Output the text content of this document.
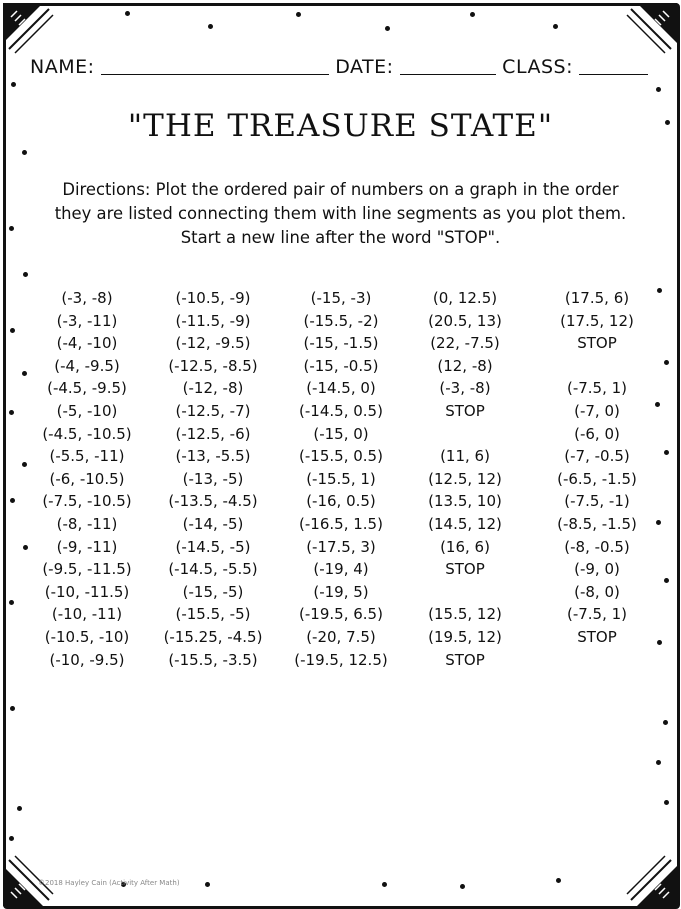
NAME:	DATE:	CLASS:
"THE TREASURE STATE"
Directions: Plot the ordered pair of numbers on a graph in the order
they are listed connecting them with line segments as you plot them.
Start a new line after the word "STOP".
(-3, -8)
(-3, -11)
(-4, -10)
(-4, -9.5)
(-4.5, -9.5)
(-5, -10)
(-4.5, -10.5)
(-5.5, -11)
(-6, -10.5)
(-7.5, -10.5)
(-8, -11)
(-9, -11)
(-9.5, -11.5)
(-10, -11.5)
(-10, -11)
(-10.5, -10)
(-10, -9.5)
(-10.5, -9)
(-11.5, -9)
(-12, -9.5)
(-12.5, -8.5)
(-12, -8)
(-12.5, -7)
(-12.5, -6)
(-13, -5.5)
(-13, -5)
(-13.5, -4.5)
(-14, -5)
(-14.5, -5)
(-14.5, -5.5)
(-15, -5)
(-15.5, -5)
(-15.25, -4.5)
(-15.5, -3.5)
(-15, -3)
(-15.5, -2)
(-15, -1.5)
(-15, -0.5)
(-14.5, 0)
(-14.5, 0.5)
(-15, 0)
(-15.5, 0.5)
(-15.5, 1)
(-16, 0.5)
(-16.5, 1.5)
(-17.5, 3)
(-19, 4)
(-19, 5)
(-19.5, 6.5)
(-20, 7.5)
(-19.5, 12.5)
(0, 12.5)
(20.5, 13)
(22, -7.5)
(12, -8)
(-3, -8)
STOP
(11, 6)
(12.5, 12)
(13.5, 10)
(14.5, 12)
(16, 6)
STOP
(15.5, 12)
(19.5, 12)
STOP
(17.5, 6)
(17.5, 12)
STOP
(-7.5, 1)
(-7, 0)
(-6, 0)
(-7, -0.5)
(-6.5, -1.5)
(-7.5, -1)
(-8.5, -1.5)
(-8, -0.5)
(-9, 0)
(-8, 0)
(-7.5, 1)
STOP
©2018 Hayley Cain (Activity After Math)
